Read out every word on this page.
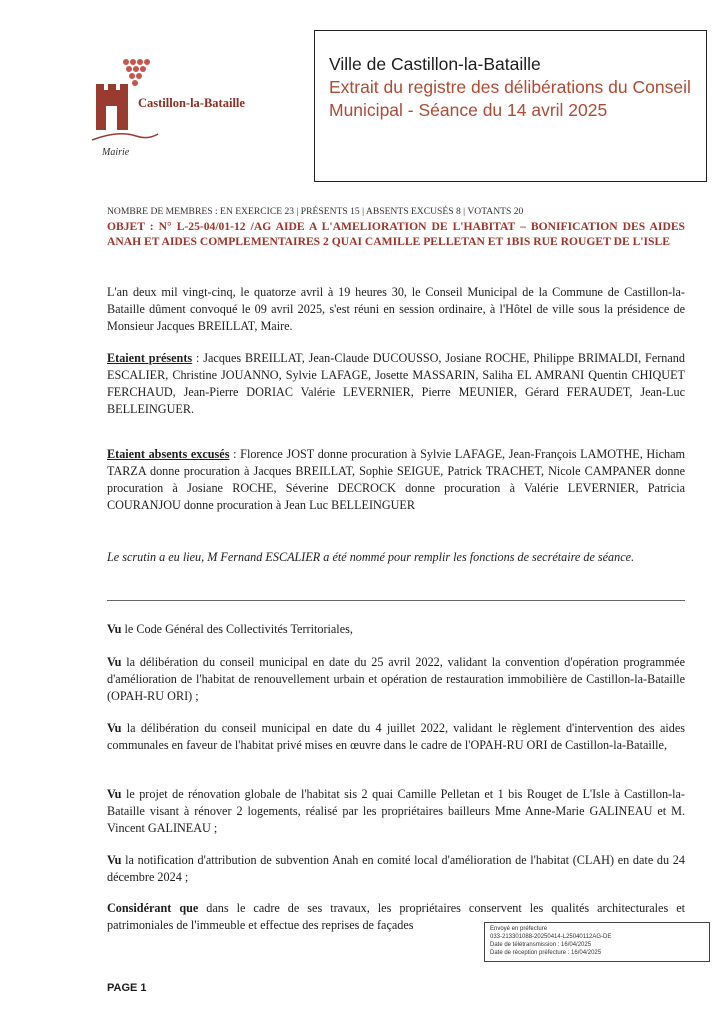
Castillon-la-Bataille
Mairie
Ville de Castillon-la-Bataille
Extrait du registre des délibérations du Conseil Municipal - Séance du 14 avril 2025
NOMBRE DE MEMBRES : EN EXERCICE 23 | PRÉSENTS 15 | ABSENTS EXCUSÉS 8 | VOTANTS 20
OBJET : N° L-25-04/01-12 /AG AIDE A L'AMELIORATION DE L'HABITAT – BONIFICATION DES AIDES ANAH ET AIDES COMPLEMENTAIRES 2 QUAI CAMILLE PELLETAN ET 1BIS RUE ROUGET DE L'ISLE
L'an deux mil vingt-cinq, le quatorze avril à 19 heures 30, le Conseil Municipal de la Commune de Castillon-la-Bataille dûment convoqué le 09 avril 2025, s'est réuni en session ordinaire, à l'Hôtel de ville sous la présidence de Monsieur Jacques BREILLAT, Maire.
Etaient présents : Jacques BREILLAT, Jean-Claude DUCOUSSO, Josiane ROCHE, Philippe BRIMALDI, Fernand ESCALIER, Christine JOUANNO, Sylvie LAFAGE, Josette MASSARIN, Saliha EL AMRANI Quentin CHIQUET FERCHAUD, Jean-Pierre DORIAC Valérie LEVERNIER, Pierre MEUNIER, Gérard FERAUDET, Jean-Luc BELLEINGUER.
Etaient absents excusés : Florence JOST donne procuration à Sylvie LAFAGE, Jean-François LAMOTHE, Hicham TARZA donne procuration à Jacques BREILLAT, Sophie SEIGUE, Patrick TRACHET, Nicole CAMPANER donne procuration à Josiane ROCHE, Séverine DECROCK donne procuration à Valérie LEVERNIER, Patricia COURANJOU donne procuration à Jean Luc BELLEINGUER
Le scrutin a eu lieu, M Fernand ESCALIER a été nommé pour remplir les fonctions de secrétaire de séance.
Vu le Code Général des Collectivités Territoriales,
Vu la délibération du conseil municipal en date du 25 avril 2022, validant la convention d'opération programmée d'amélioration de l'habitat de renouvellement urbain et opération de restauration immobilière de Castillon-la-Bataille (OPAH-RU ORI) ;
Vu la délibération du conseil municipal en date du 4 juillet 2022, validant le règlement d'intervention des aides communales en faveur de l'habitat privé mises en œuvre dans le cadre de l'OPAH-RU ORI de Castillon-la-Bataille,
Vu le projet de rénovation globale de l'habitat sis 2 quai Camille Pelletan et 1 bis Rouget de L'Isle à Castillon-la-Bataille visant à rénover 2 logements, réalisé par les propriétaires bailleurs Mme Anne-Marie GALINEAU et M. Vincent GALINEAU ;
Vu la notification d'attribution de subvention Anah en comité local d'amélioration de l'habitat (CLAH) en date du 24 décembre 2024 ;
Considérant que dans le cadre de ses travaux, les propriétaires conservent les qualités architecturales et patrimoniales de l'immeuble et effectue des reprises de façades	Envoyé en préfecture
033-213301088-20250414-L25040112AG-DE
Date de télétransmission : 16/04/2025
Date de réception préfecture : 16/04/2025
PAGE 1
